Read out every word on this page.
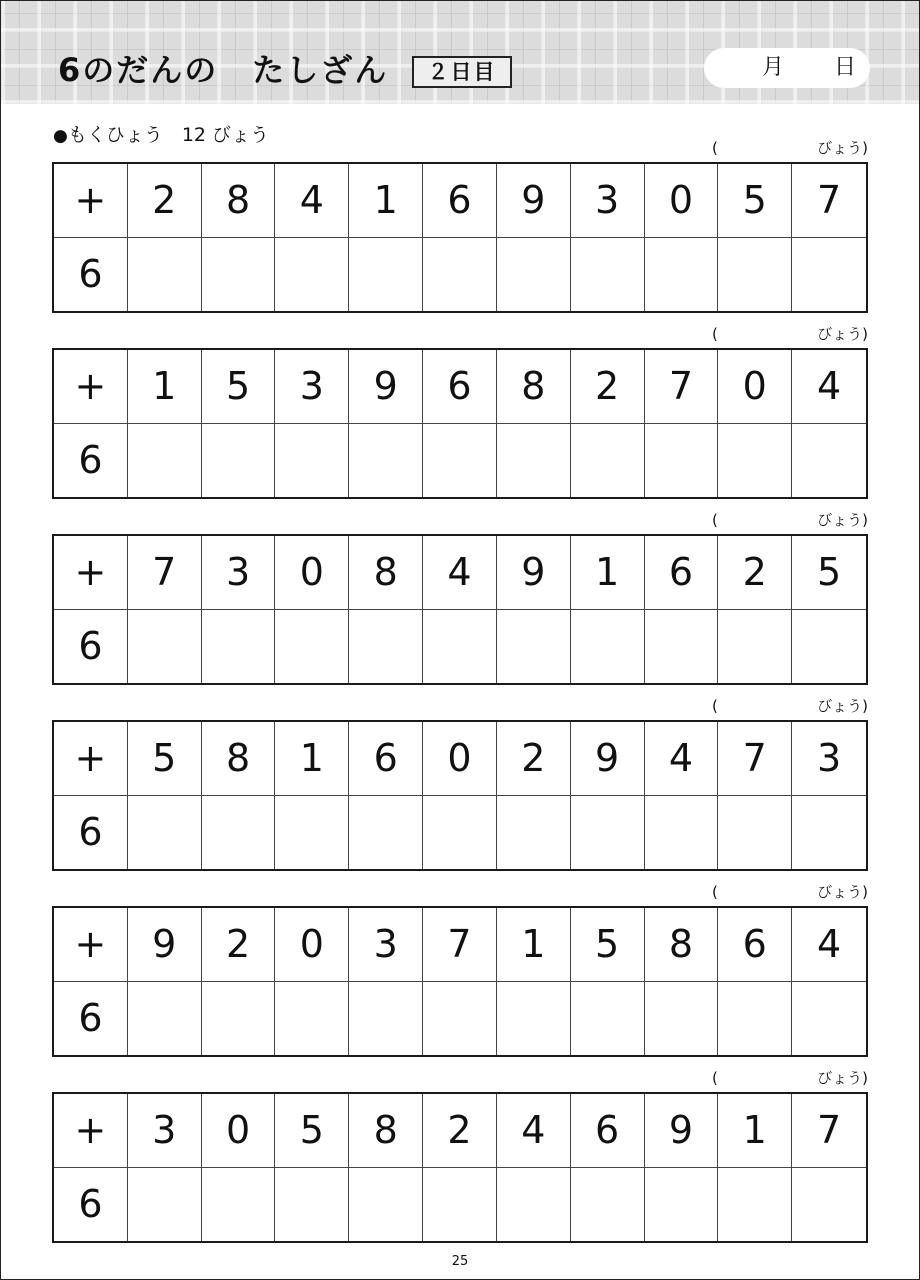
6のだんの　たしざん	２日目	月 日
●もくひょう　12 びょう
(	びょう)
+	2	8	4	1	6	9	3	0	5	7
6
(	びょう)
+	1	5	3	9	6	8	2	7	0	4
6
(	びょう)
+	7	3	0	8	4	9	1	6	2	5
6
(	びょう)
+	5	8	1	6	0	2	9	4	7	3
6
(	びょう)
+	9	2	0	3	7	1	5	8	6	4
6
(	びょう)
+	3	0	5	8	2	4	6	9	1	7
6
25
